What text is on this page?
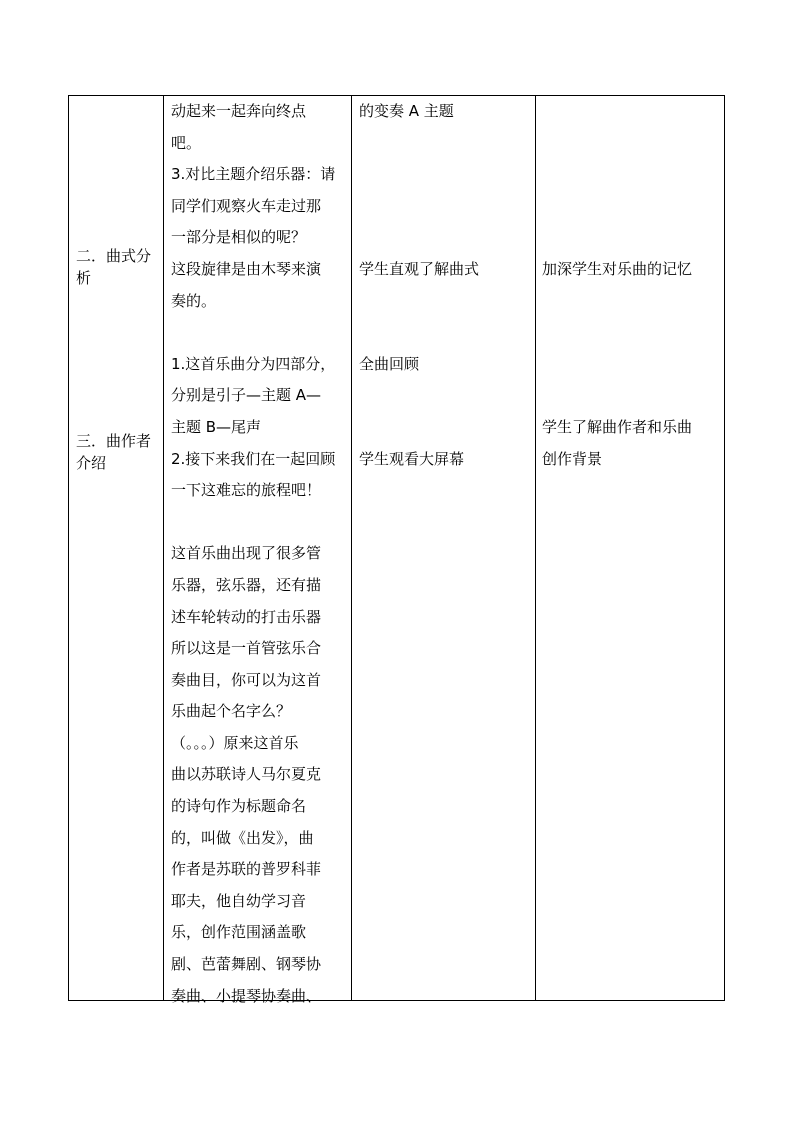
二．曲式分
析
三．曲作者
介绍
动起来一起奔向终点
吧。
3.对比主题介绍乐器：请
同学们观察火车走过那
一部分是相似的呢？
这段旋律是由木琴来演
奏的。
1.这首乐曲分为四部分，
分别是引子—主题 A—
主题 B—尾声
2.接下来我们在一起回顾
一下这难忘的旅程吧！
这首乐曲出现了很多管
乐器，弦乐器，还有描
述车轮转动的打击乐器
所以这是一首管弦乐合
奏曲目，你可以为这首
乐曲起个名字么？
（。。。）原来这首乐
曲以苏联诗人马尔夏克
的诗句作为标题命名
的，叫做《出发》，曲
作者是苏联的普罗科菲
耶夫，他自幼学习音
乐，创作范围涵盖歌
剧、芭蕾舞剧、钢琴协
奏曲、小提琴协奏曲、
的变奏 A 主题
学生直观了解曲式
全曲回顾
学生观看大屏幕
加深学生对乐曲的记忆
学生了解曲作者和乐曲
创作背景
